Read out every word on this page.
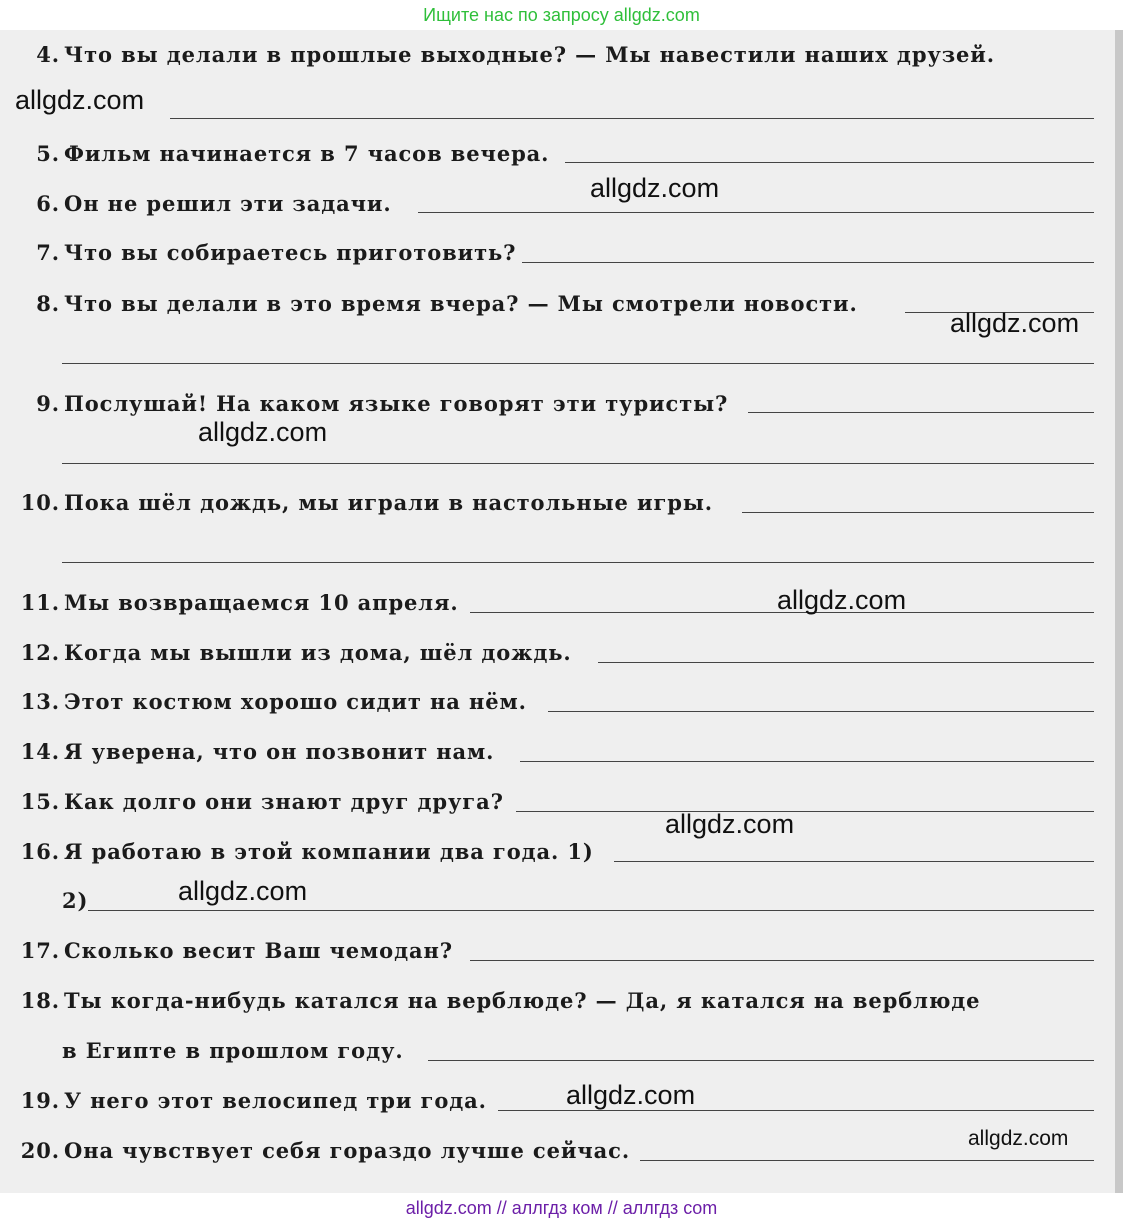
Ищите нас по запросу allgdz.com
4. Что вы делали в прошлые выходные? — Мы навестили наших друзей.
5. Фильм начинается в 7 часов вечера.
6. Он не решил эти задачи.
7. Что вы собираетесь приготовить?
8. Что вы делали в это время вчера? — Мы смотрели новости.
9. Послушай! На каком языке говорят эти туристы?
10. Пока шёл дождь, мы играли в настольные игры.
11. Мы возвращаемся 10 апреля.
12. Когда мы вышли из дома, шёл дождь.
13. Этот костюм хорошо сидит на нём.
14. Я уверена, что он позвонит нам.
15. Как долго они знают друг друга?
16. Я работаю в этой компании два года. 1)
2)
17. Сколько весит Ваш чемодан?
18. Ты когда-нибудь катался на верблюде? — Да, я катался на верблюде
в Египте в прошлом году.
19. У него этот велосипед три года.
20. Она чувствует себя гораздо лучше сейчас.
allgdz.com
allgdz.com
allgdz.com
allgdz.com
allgdz.com
allgdz.com
allgdz.com
allgdz.com
allgdz.com
allgdz.com // аллгдз ком // аллгдз com
